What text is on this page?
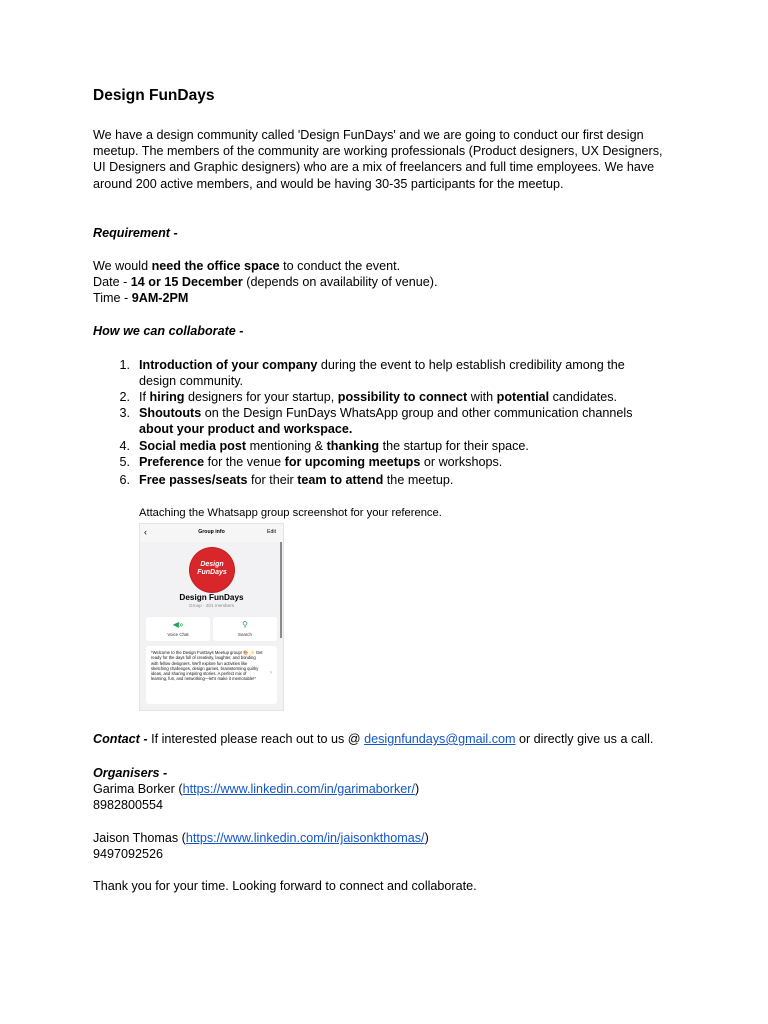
Design FunDays
We have a design community called 'Design FunDays' and we are going to conduct our first design meetup. The members of the community are working professionals (Product designers, UX Designers, UI Designers and Graphic designers) who are a mix of freelancers and full time employees. We have around 200 active members, and would be having 30-35 participants for the meetup.
Requirement -
We would need the office space to conduct the event.
Date - 14 or 15 December (depends on availability of venue).
Time - 9AM-2PM
How we can collaborate -
1. Introduction of your company during the event to help establish credibility among the design community.
2. If hiring designers for your startup, possibility to connect with potential candidates.
3. Shoutouts on the Design FunDays WhatsApp group and other communication channels about your product and workspace.
4. Social media post mentioning & thanking the startup for their space.
5. Preference for the venue for upcoming meetups or workshops.
6. Free passes/seats for their team to attend the meetup.
Attaching the Whatsapp group screenshot for your reference.
‹	Group info	Edit
Design
FunDays
Design FunDays
Group · 201 members
◀»
Voice Chat
⚲
Search

*Welcome to the Design FunDays Meetup group! 🎨 ✨ Get ready for the days full of creativity, laughter, and bonding with fellow designers. We'll explore fun activities like sketching challenges, design games, brainstorming quirky ideas, and sharing inspiring stories. A perfect mix of learning, fun, and networking—let's make it memorable!*

›
Contact - If interested please reach out to us @ designfundays@gmail.com or directly give us a call.
Organisers -
Garima Borker (https://www.linkedin.com/in/garimaborker/)
8982800554
Jaison Thomas (https://www.linkedin.com/in/jaisonkthomas/)
9497092526
Thank you for your time. Looking forward to connect and collaborate.
